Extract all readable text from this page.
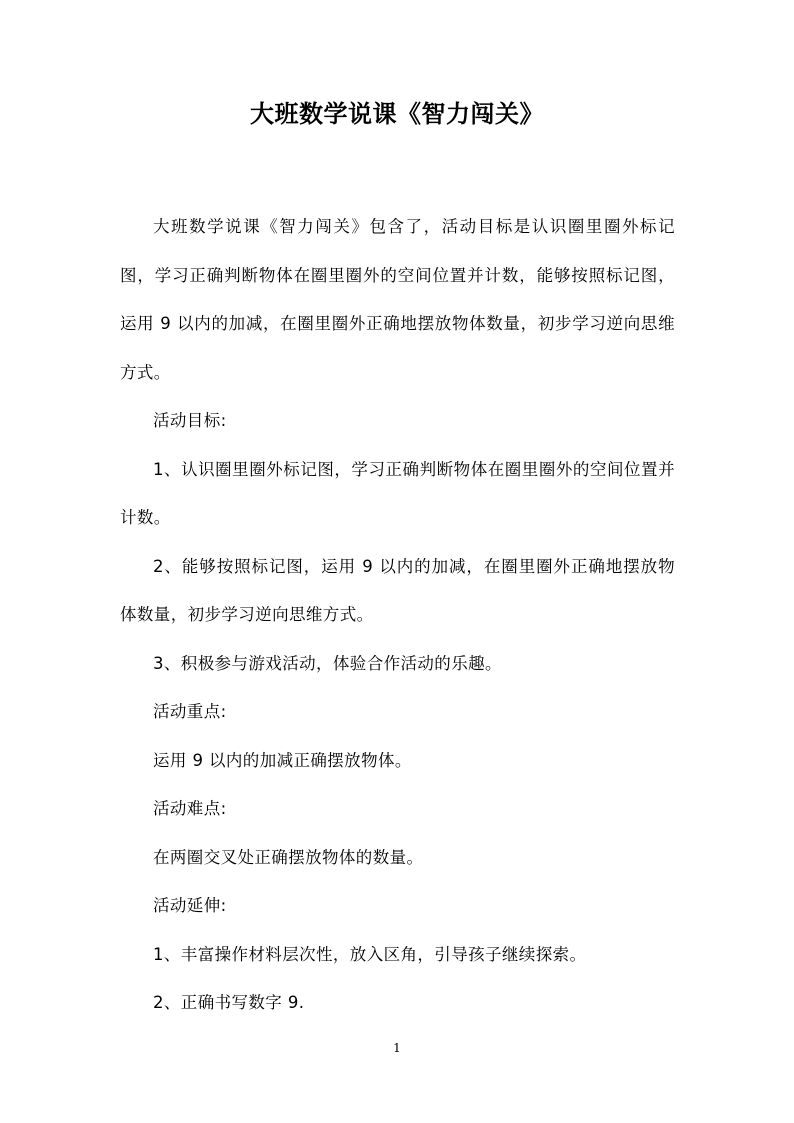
大班数学说课《智力闯关》

大班数学说课《智力闯关》包含了，活动目标是认识圈里圈外标记图，学习正确判断物体在圈里圈外的空间位置并计数，能够按照标记图，运用 9 以内的加减，在圈里圈外正确地摆放物体数量，初步学习逆向思维方式。

活动目标:

1、认识圈里圈外标记图，学习正确判断物体在圈里圈外的空间位置并计数。

2、能够按照标记图，运用 9 以内的加减，在圈里圈外正确地摆放物体数量，初步学习逆向思维方式。

3、积极参与游戏活动，体验合作活动的乐趣。

活动重点:

运用 9 以内的加减正确摆放物体。

活动难点:

在两圈交叉处正确摆放物体的数量。

活动延伸:

1、丰富操作材料层次性，放入区角，引导孩子继续探索。

2、正确书写数字 9.

1
